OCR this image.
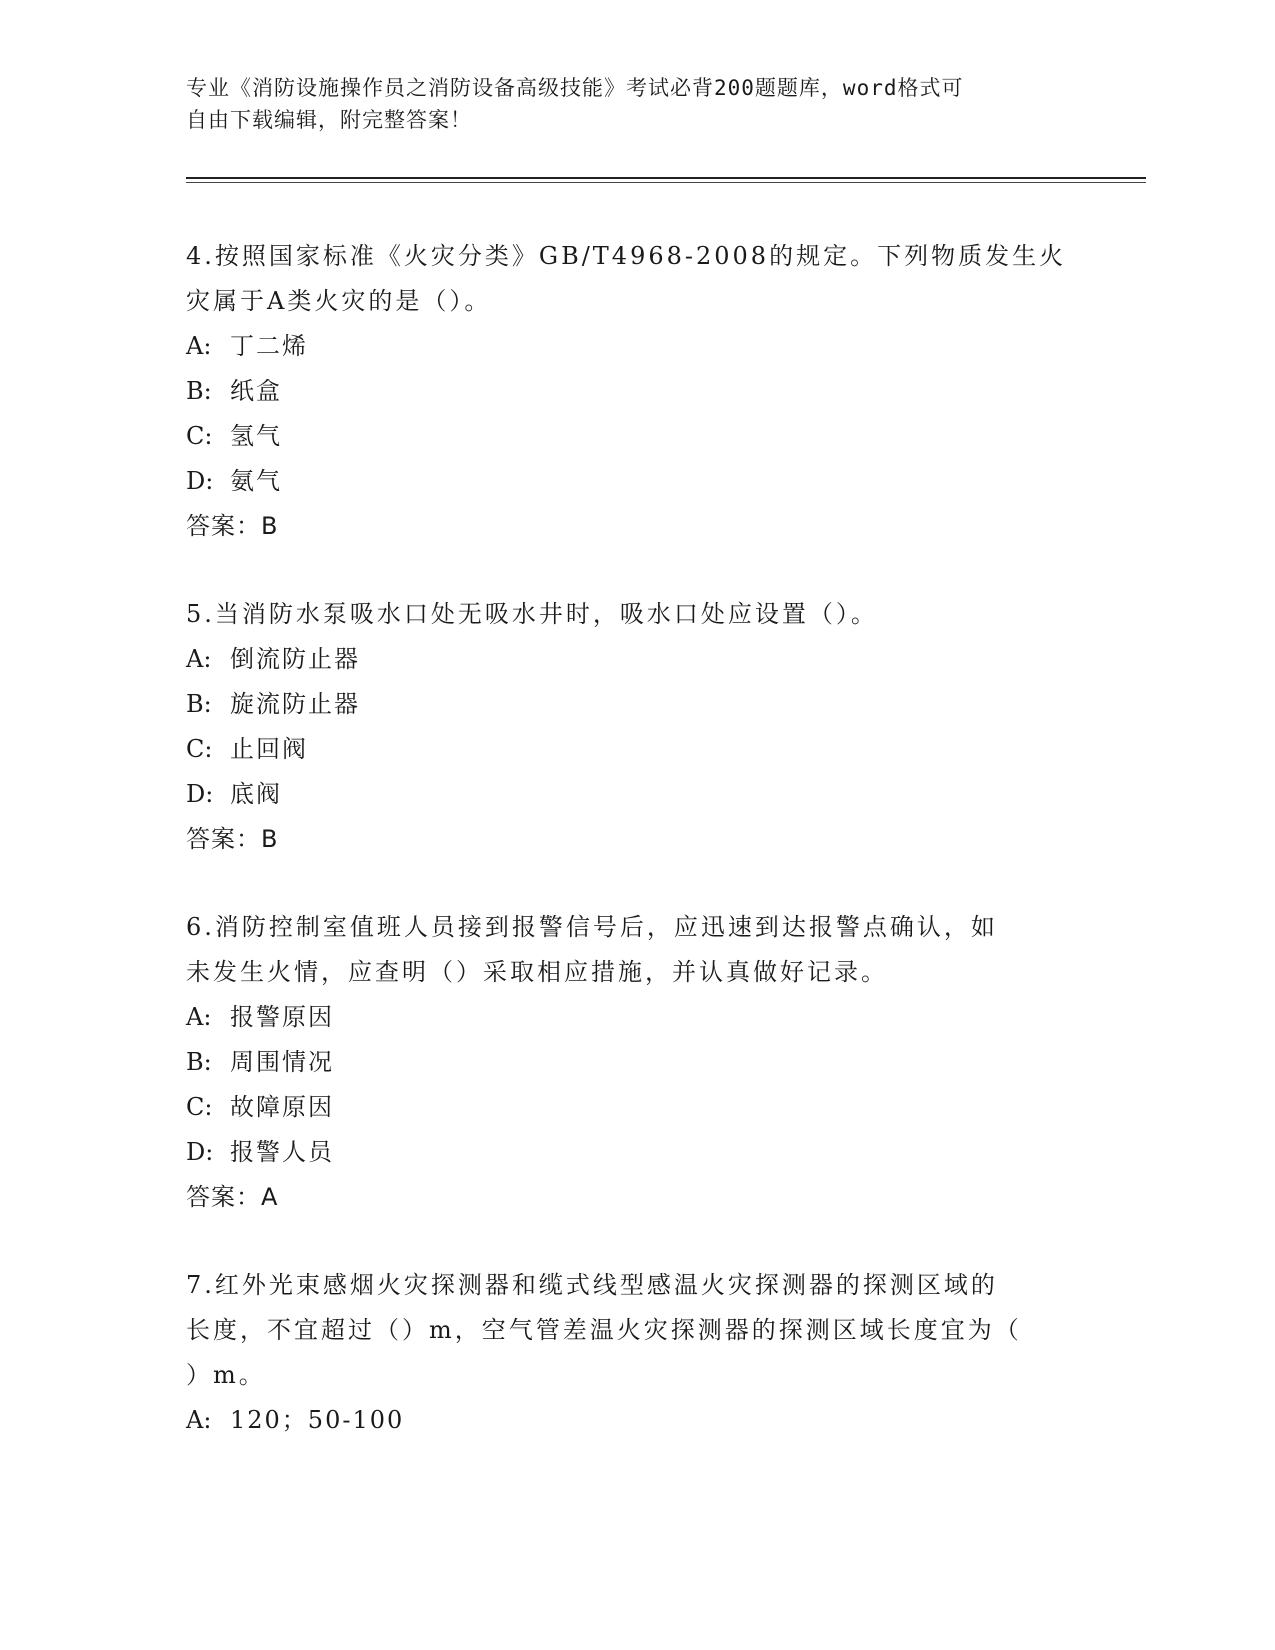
专业《消防设施操作员之消防设备高级技能》考试必背200题题库，word格式可
自由下载编辑，附完整答案！
4.按照国家标准《火灾分类》GB/T4968-2008的规定。下列物质发生火
灾属于A类火灾的是（）。
A: 丁二烯
B: 纸盒
C: 氢气
D: 氨气
答案：B
5.当消防水泵吸水口处无吸水井时，吸水口处应设置（）。
A: 倒流防止器
B: 旋流防止器
C: 止回阀
D: 底阀
答案：B
6.消防控制室值班人员接到报警信号后，应迅速到达报警点确认，如
未发生火情，应查明（）采取相应措施，并认真做好记录。
A: 报警原因
B: 周围情况
C: 故障原因
D: 报警人员
答案：A
7.红外光束感烟火灾探测器和缆式线型感温火灾探测器的探测区域的
长度，不宜超过（）m，空气管差温火灾探测器的探测区域长度宜为（
）m。
A: 120；50-100
